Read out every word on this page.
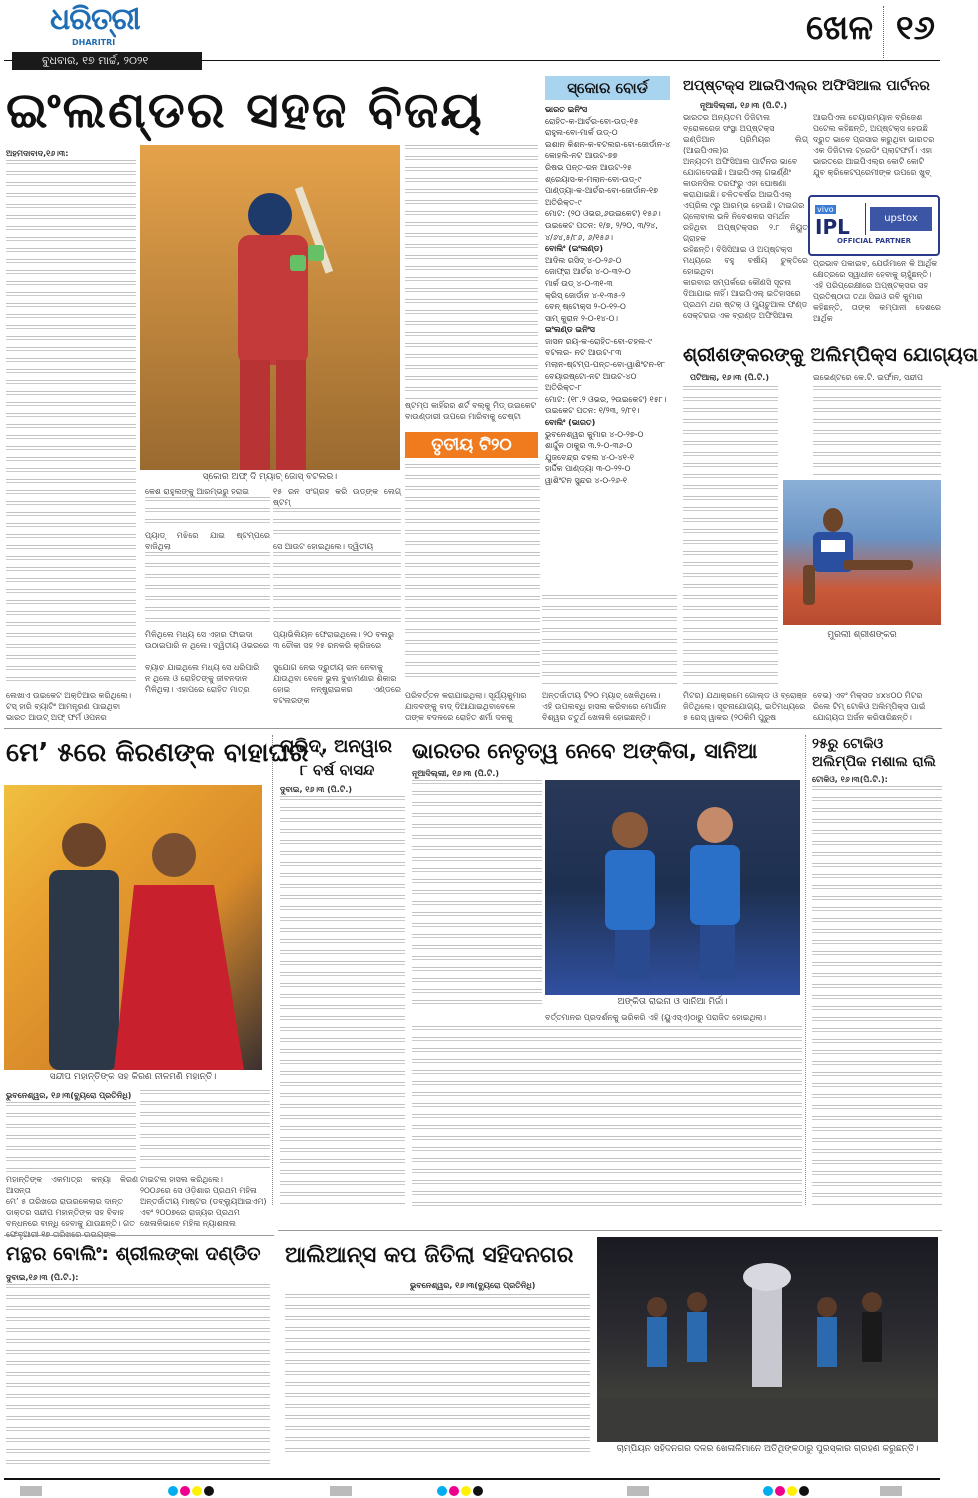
ଧରିତ୍ରୀ
DHARITRI
ବୁଧବାର, ୧୭ ମାର୍ଚ୍ଚ, ୨୦୨୧
ଖେଳ ୧୬
ଇଂଲଣ୍ଡର ସହଜ ବିଜୟ
ଅହମଦାବାଦ,୧୬।୩:
ସ୍କୋର ଅଫ୍ ଦି ମ୍ୟାଚ୍ ଜୋସ୍ ବଟଲର।
ଷ୍ଟମ୍ପ କାହିଁରର ଶର୍ଟ ବଲ୍‌କୁ ମିଡ୍ ଉଇକେଟ
ବାଉଣ୍ଡାରୀ ଉପରେ ମାରିବାକୁ ଚେଷ୍ଟା
ତୃତୀୟ ଟି୨୦
କେଶ ରାହୁଲଙ୍କୁ ଆରମ୍ଭରୁ ହରାଇ
ପ୍ୟାଡ୍ ମଝିରେ ଯାଇ ଷ୍ଟମ୍ପରେ ବାଜିଥିଲା
ମିଳିଥିଲେ ମଧ୍ୟ ସେ ଏହାର ଫାଇଦା
ଉଠାଇପାରି ନ ଥିଲେ। ଦ୍ୱିତୀୟ ଓଭରରେ
ବ୍ୟାଚ ଯାଇଥିଲେ ମଧ୍ୟ ସେ ଧରିପାରି
ନ ଥିଲେ ଓ ରୋହିତଙ୍କୁ ଜୀବନଦାନ
ମିଳିଥିଲା। ଏହାପରେ ରୋହିତ ମାତ୍ର
୧୫ ରନ ସଂଗ୍ରହ କରି ଉଡ୍ଙ୍କ ଲେଗ୍ ଷ୍ଟମ୍
ସେ ଆଉଟ ହୋଇଥିଲେ। ଦ୍ୱିତୀୟ
ପ୍ୟାଭିଲିୟନ ଫେରାଇଥିଲେ। ୨୦ ବଲରୁ
୩ ଚୌକା ସହ ୨୫ ରନକରି କ୍ରିଜରେ
ସୁଯୋଗ ନେଇ ଦ୍ରୁତୀୟ ରନ ନେବାକୁ
ଯାଉଥିବା ବେଳେ ଭୁଲ ବୁଝାମଣାର ଶିକାର
ହୋଇ ନନ୍ଷ୍ଟ୍ରାଇକର ଏଣ୍ଡରେ ବଟଲରଙ୍କ
ଲେଖାଏ ଉଇକେଟ ଅକ୍ତିଆର କରିଥିଲେ।
ଟସ୍ ହାରି ବ୍ୟାଟିଂ ଆମନ୍ତ୍ରଣ ପାଇଥିବା
ଭାରତ ଆଉଟ୍ ଅଫ୍ ଫର୍ମ ଓପନର
ପରିବର୍ତ୍ତନ କରାଯାଇଥିଲା। ସୂର୍ଯ୍ୟକୁମାର
ଯାଦବଙ୍କୁ ବାଦ୍ ଦିଆଯାଇଥିବାବେଳେ
ତାଙ୍କ ବଦଳରେ ରୋହିତ ଶର୍ମା ଦଳକୁ
ଅନ୍ତର୍ଜାତୀୟ ଟି୨୦ ମ୍ୟାଚ୍ ଖେଳିଥିଲେ।
ଏହି ଉପଲବ୍ଧି ହାସଲ କରିବାରେ ମୋର୍ଗାନ
ବିଶ୍ୱର ଚତୁର୍ଥ ଖେଳାଳି ହୋଇଛନ୍ତି।
ସ୍କୋର ବୋର୍ଡ
ଭାରତ ଇନିଂସ
ରୋହିତ-କ-ଆର୍ଚର-ବୋ-ଉଡ୍-୧୫
ରାହୁଲ-ବୋ-ମାର୍କ ଉଡ୍-୦
ଇଶାନ କିଶନ-କ-ବଟଲର-ବୋ-ଜୋର୍ଡାନ-୪
କୋହଲି-ନଟ ଆଉଟ-୭୭
ରିଷଭ ପନ୍ତ-ରନ ଆଉଟ-୨୫
ଶ୍ରେୟାସ-କ-ମଲାନ-ବୋ-ଉଡ୍-୯
ପାଣ୍ଡ୍ୟା-କ-ଆର୍ଚର-ବୋ-ଜୋର୍ଡାନ-୧୭
ଅତିରିକ୍ତ-୯
ମୋଟ: (୨୦ ଓଭର,୬ଉଇକେଟ) ୧୫୬।
ଉଇକେଟ ପତନ: ୧/୭, ୨/୨୦, ୩/୨୪, ୪/୬୪,୫/୮୬, ୬/୧୫୬।
ବୋଲିଂ (ଇଂଲଣ୍ଡ)
ଆଦିଲ ରସିଦ୍ ୪-୦-୨୬-୦
ଜୋଫ୍ରା ଆର୍ଚର ୪-୦-୩୨-୦
ମାର୍କ ଉଡ୍ ୪-୦-୩୧-୩
କ୍ରିସ୍ ଜୋର୍ଡାନ ୪-୧-୩୫-୨
ବେନ୍ ଷ୍ଟୋକ୍ସ ୨-୦-୧୨-୦
ସାମ୍ କୁରାନ ୨-୦-୧୪-୦।
ଇଂଲଣ୍ଡ ଇନିଂସ
ଜାସନ ରୟ-କ-ରୋହିତ-ବୋ-ଚହଲ-୯
ବଟଲର- ନଟ ଆଉଟ-୮୩
ମଲାନ-ଷ୍ଟମ୍ପ-ପନ୍ତ-ବୋ-ୱାଶିଂଟନ-୧୮
ବେୟାରଷ୍ଟୋ-ନଟ ଆଉଟ-୪୦
ଅତିରିକ୍ତ-୮
ମୋଟ: (୧୮.୨ ଓଭର, ୨ଉଇକେଟ) ୧୫୮।
ଉଇକେଟ ପତନ: ୧/୨୩, ୨/୮୧।
ବୋଲିଂ (ଭାରତ)
ଭୁବନେଶ୍ୱର କୁମାର ୪-୦-୨୭-୦
ଶାର୍ଦ୍ଦୁଳ ଠାକୁର ୩.୨-୦-୩୬-୦
ଯୁଜବେନ୍ଦ୍ର ଚହଲ ୪-୦-୪୧-୧
ହାର୍ଦ୍ଦିକ ପାଣ୍ଡ୍ୟା ୩-୦-୨୨-୦
ୱାଶିଂଟନ ସୁନ୍ଦର ୪-୦-୨୬-୧
ଅପ୍‌ଷ୍ଟକ୍ସ ଆଇପିଏଲ୍‌ର ଅଫିସିଆଲ ପାର୍ଟନର
ନୂଆଦିଲ୍ଲୀ, ୧୬।୩ (ପି.ଟି.)
ଭାରତର ଅନ୍ୟତମ ଡିଜିଟାଲ
ବ୍ରୋକରେଜ ସଂସ୍ଥା ଅପ୍‌ଷ୍ଟକ୍ସ
ଇଣ୍ଡିଆନ ପ୍ରିମିୟର ଲିଗ୍ (ଆଇପିଏଲ)ର
ଅନ୍ୟତମ ଅଫିସିଆଲ ପାର୍ଟନର ଭାବେ
ଯୋଗଦେଇଛି। ଆଇପିଏଲ୍ ଗଭର୍ଣ୍ଣିଂ
କାଉନସିଲ ତରଫରୁ ଏହା ଘୋଷଣା
କରାଯାଇଛି। ଚଳିତବର୍ଷର ଆଇପିଏଲ୍
ଏପ୍ରିଲ ୯ରୁ ଆରମ୍ଭ ହେଉଛି। ଟାଇଗର
ଗ୍ଲୋବାଲ ଭଳି ନିବେଶକର ସମର୍ଥନ
ରହିଥିବା ଅପ୍‌ଷ୍ଟକ୍ସର ୨.୮ ନିୟୁତ ଗ୍ରାହକ
ରହିଛନ୍ତି। ବିସିସିଆଇ ଓ ଅପ୍‌ଷ୍ଟକ୍ସ
ମଧ୍ୟରେ ବହୁ ବର୍ଷୀୟ ଚୁକ୍ତିରେ ହୋଇଥିବା
କାରବାର ସମ୍ପର୍କରେ କୌଣସି ସୂଚନା
ଦିଆଯାଇ ନାହିଁ। ଆଇପିଏଲ୍ ଇତିହାସରେ
ପ୍ରଥମ ଥର ଷ୍ଟକ୍ ଓ ମ୍ୟୁଚୁଆଲ ଫଣ୍ଡ
ସେକ୍ଟରର ଏକ ବ୍ରାଣ୍ଡ ଅଫିସିଆଲ
ଆଇପିଏଲ ଚେୟାରମ୍ୟାନ ବ୍ରିଜେଶ
ପଟେଲ କହିଛନ୍ତି, ଅପ୍‌ଷ୍ଟକ୍ସ ହେଉଛି
ଦ୍ରୁତ ଭାବେ ପ୍ରସାର କରୁଥିବା ଭାରତର
ଏକ ଡିଜିଟାଲ ଟ୍ରେଡିଂ ପ୍ଲାଟଫର୍ମ। ଏହା
ଭାରତରେ ଆଇପିଏଲ୍‌ର କୋଟି କୋଟି
ଯୁବ କ୍ରିକେଟପ୍ରେମୀଙ୍କ ଉପରେ ଖୁବ୍
vivo
IPL	upstox
OFFICIAL PARTNER
ପ୍ରଭାବ ପକାଇବ, ଯେଉଁମାନେ କି ଆର୍ଥିକ
କ୍ଷେତ୍ରରେ ସ୍ୱାଧୀନ ହେବାକୁ ଚାହୁଁଛନ୍ତି।
ଏହି ପରିପ୍ରେକ୍ଷୀରେ ଅପ୍‌ଷ୍ଟକ୍ସର ସହ
ପ୍ରତିଷ୍ଠାତା ତଥା ସିଇଓ ରବି କୁମାର
କହିଛନ୍ତି, ତାଙ୍କ କମ୍ପାନୀ ଦେଶରେ ଆର୍ଥିକ
ଶ୍ରୀଶଙ୍କରଙ୍କୁ ଅଲିମ୍ପିକ୍ସ ଯୋଗ୍ୟତା
ପଟିଆଲା, ୧୬।୩ (ପି.ଟି.)	ଇଭେଣ୍ଟରେ କେ.ଟି. ଇର୍ଫାନ, ସନ୍ଦୀପ
ମୁରଲୀ ଶ୍ରୀଶଙ୍କର
ମିଟର) ଯଥାକ୍ରମେ ଗୋଲ୍ଡ ଓ ବ୍ରୋଞ୍ଜ
ଜିତିଥିଲେ। ସୂଚନାଯୋଗ୍ୟ, ଇତିମଧ୍ୟରେ
୫ ରେସ୍ ୱାକର (୨୦କିମି ପୁରୁଷ
ବେଭ) ଏବଂ ମିକ୍ସଡ ୪x୪୦୦ ମିଟର
ରିଲେ ଟିମ୍ ଟୋକିଓ ଅଲିମ୍ପିକ୍ସ ପାଇଁ
ଯୋଗ୍ୟତା ଅର୍ଜନ କରିସାରିଛନ୍ତି।
ମେ’ ୫ରେ କିରଣଙ୍କ ବାହାଘର
ସନ୍ଦୀପ ମହାନ୍ତିଙ୍କ ସହ କିରଣ ନୀଳମଣି ମହାନ୍ତି।
ଭୁବନେଶ୍ୱର, ୧୬।୩(ବ୍ୟୁରୋ ପ୍ରତିନିଧି)
ମହାନ୍ତିଙ୍କ ଏକମାତ୍ର କନ୍ୟା କିରଣ ଆସନ୍ତା
ମେ’ ୫ ତାରିଖରେ ରାଉରକେଲାର ଦାନ୍ତ
ଡାକ୍ତର ସନ୍ଦୀପ ମହାନ୍ତିଙ୍କ ସହ ବିବାହ
ବନ୍ଧନରେ ବାନ୍ଧି ହେବାକୁ ଯାଉଛନ୍ତି। ଗତ
ଟାଇଟଲ ହାସଲ କରିଥିଲେ।
୨୦୦୬ରେ ସେ ଓଡ଼ିଶାର ପ୍ରଥମ ମହିଳା
ଅନ୍ତର୍ଜାତୀୟ ମାଷ୍ଟର (ଡବ୍ଲ୍ୟୁଆଇଏମ)
ଏବଂ ୨୦୦୭ରେ ରାଜ୍ୟର ପ୍ରଥମ
ଖେଳାଳିଭାବେ ମହିଳା ନ୍ୟାଶନାଲ
ନାଭିଦ୍, ଅନୱାର
୮ ବର୍ଷ ବାସନ୍ଦ
ଦୁବାଇ, ୧୬।୩ (ପି.ଟି.)
ଭାରତର ନେତୃତ୍ୱ ନେବେ ଅଙ୍କିତା, ସାନିଆ
ନୂଆଦିଲ୍ଲୀ, ୧୬।୩ (ପି.ଟି.)
ଅଙ୍କିତା ରାଇନା ଓ ସାନିଆ ମିର୍ଜା।
ବର୍ତ୍ତମାନର ପ୍ରଦର୍ଶନକୁ ଭରିକରି ଏହି (ୟୁଏସ୍‌ଏ)ଠାରୁ ପରାଜିତ ହୋଇଥିଲା।
୨୫ରୁ ଟୋକିଓ
ଅଲିମ୍ପିକ ମଶାଲ ରାଲି
ଟୋକିଓ, ୧୬।୩(ପି.ଟି.):
ମନ୍ଥର ବୋଲିଂ: ଶ୍ରୀଲଙ୍କା ଦଣ୍ଡିତ
ଦୁବାଇ,୧୬।୩ (ପି.ଟି.):
ଆଲିଆନ୍ସ କପ ଜିତିଲା ସହିଦନଗର
ଭୁବନେଶ୍ୱର, ୧୬।୩(ବ୍ୟୁରୋ ପ୍ରତିନିଧି)
ଚାମ୍ପିୟନ ସହିଦନଗର ଦଳର ଖେଳାଳିମାନେ ଅତିଥିଙ୍କଠାରୁ ପୁରସ୍କାର ଗ୍ରହଣ କରୁଛନ୍ତି।
